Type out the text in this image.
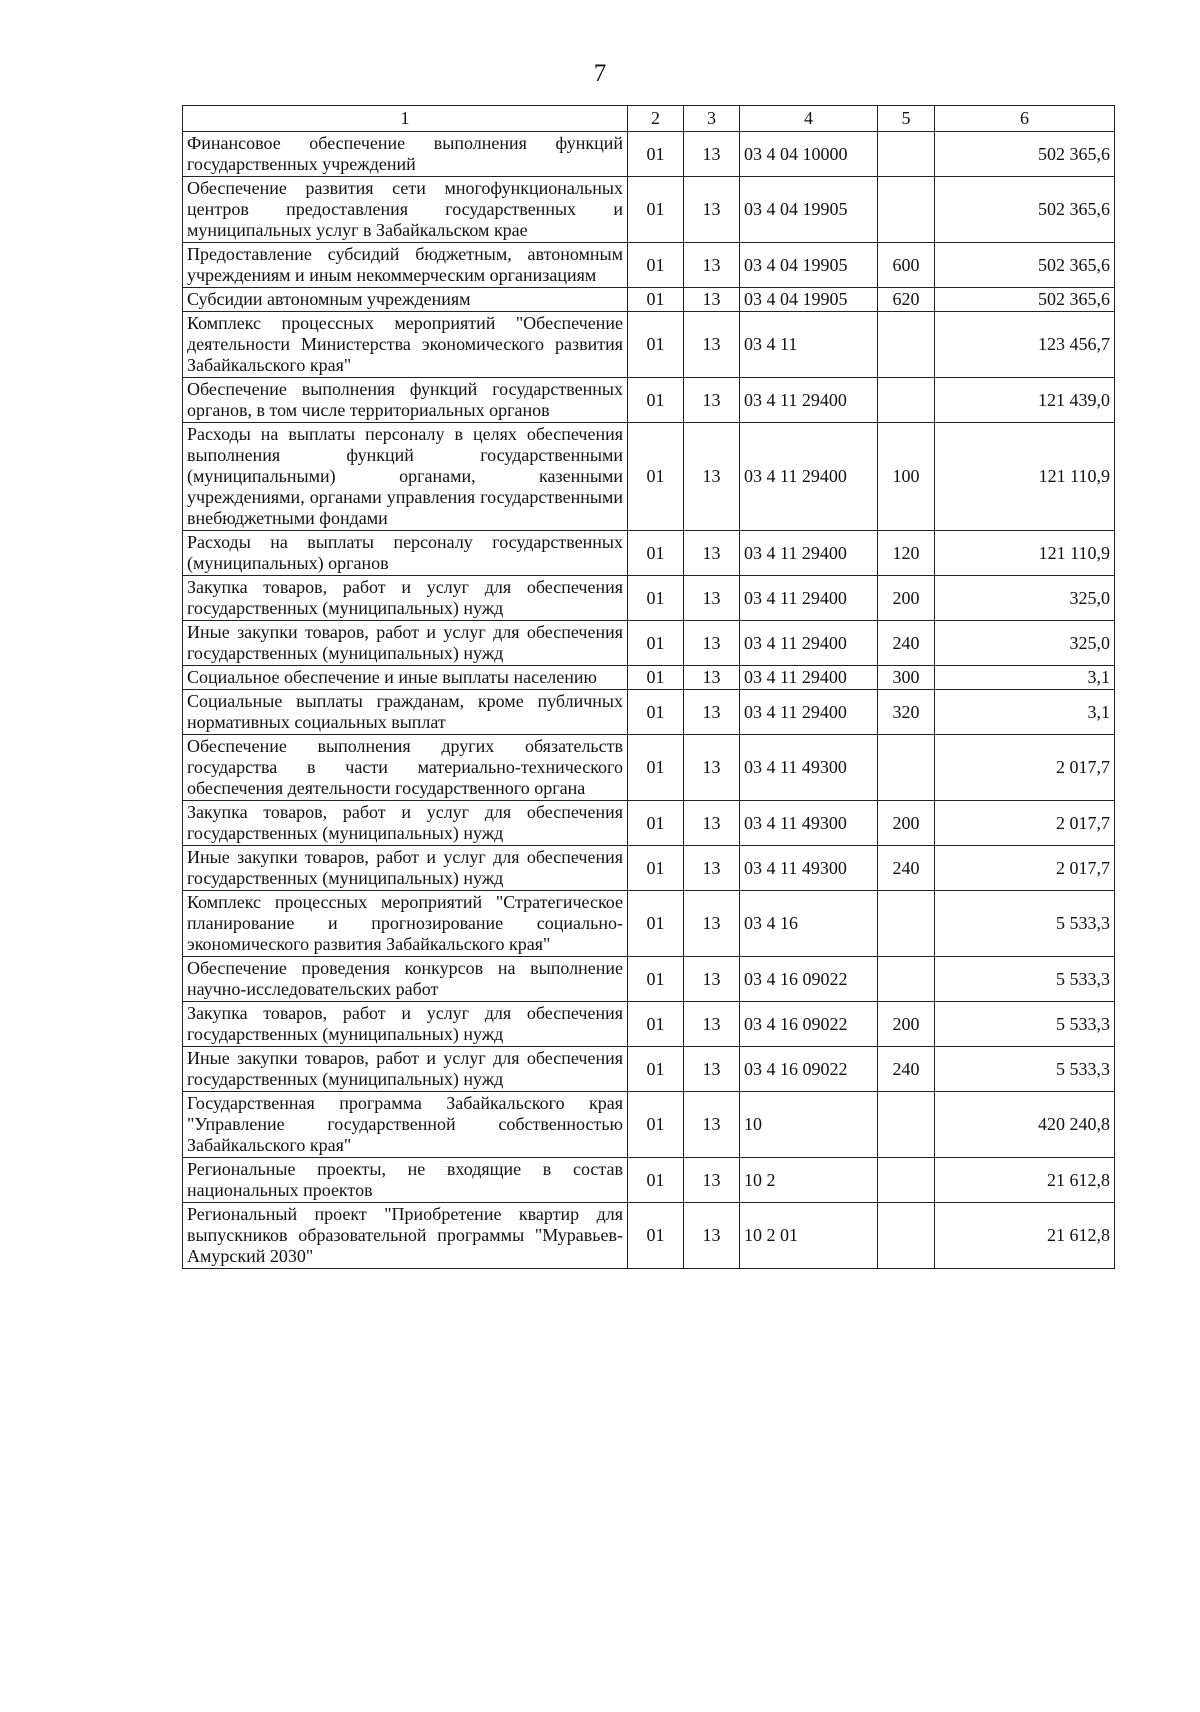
7
1	2	3	4	5	6
Финансовое обеспечение выполнения функций государственных учреждений	01	13	03 4 04 10000		502 365,6
Обеспечение развития сети многофункциональных центров предоставления государственных и муниципальных услуг в Забайкальском крае	01	13	03 4 04 19905		502 365,6
Предоставление субсидий бюджетным, автономным учреждениям и иным некоммерческим организациям	01	13	03 4 04 19905	600	502 365,6
Субсидии автономным учреждениям	01	13	03 4 04 19905	620	502 365,6
Комплекс процессных мероприятий "Обеспечение деятельности Министерства экономического развития Забайкальского края"	01	13	03 4 11		123 456,7
Обеспечение выполнения функций государственных органов, в том числе территориальных органов	01	13	03 4 11 29400		121 439,0
Расходы на выплаты персоналу в целях обеспечения выполнения функций государственными (муниципальными) органами, казенными учреждениями, органами управления государственными внебюджетными фондами	01	13	03 4 11 29400	100	121 110,9
Расходы на выплаты персоналу государственных (муниципальных) органов	01	13	03 4 11 29400	120	121 110,9
Закупка товаров, работ и услуг для обеспечения государственных (муниципальных) нужд	01	13	03 4 11 29400	200	325,0
Иные закупки товаров, работ и услуг для обеспечения государственных (муниципальных) нужд	01	13	03 4 11 29400	240	325,0
Социальное обеспечение и иные выплаты населению	01	13	03 4 11 29400	300	3,1
Социальные выплаты гражданам, кроме публичных нормативных социальных выплат	01	13	03 4 11 29400	320	3,1
Обеспечение выполнения других обязательств государства в части материально-технического обеспечения деятельности государственного органа	01	13	03 4 11 49300		2 017,7
Закупка товаров, работ и услуг для обеспечения государственных (муниципальных) нужд	01	13	03 4 11 49300	200	2 017,7
Иные закупки товаров, работ и услуг для обеспечения государственных (муниципальных) нужд	01	13	03 4 11 49300	240	2 017,7
Комплекс процессных мероприятий "Стратегическое планирование и прогнозирование социально-экономического развития Забайкальского края"	01	13	03 4 16		5 533,3
Обеспечение проведения конкурсов на выполнение научно-исследовательских работ	01	13	03 4 16 09022		5 533,3
Закупка товаров, работ и услуг для обеспечения государственных (муниципальных) нужд	01	13	03 4 16 09022	200	5 533,3
Иные закупки товаров, работ и услуг для обеспечения государственных (муниципальных) нужд	01	13	03 4 16 09022	240	5 533,3
Государственная программа Забайкальского края "Управление государственной собственностью Забайкальского края"	01	13	10		420 240,8
Региональные проекты, не входящие в состав национальных проектов	01	13	10 2		21 612,8
Региональный проект "Приобретение квартир для выпускников образовательной программы "Муравьев-Амурский 2030"	01	13	10 2 01		21 612,8
